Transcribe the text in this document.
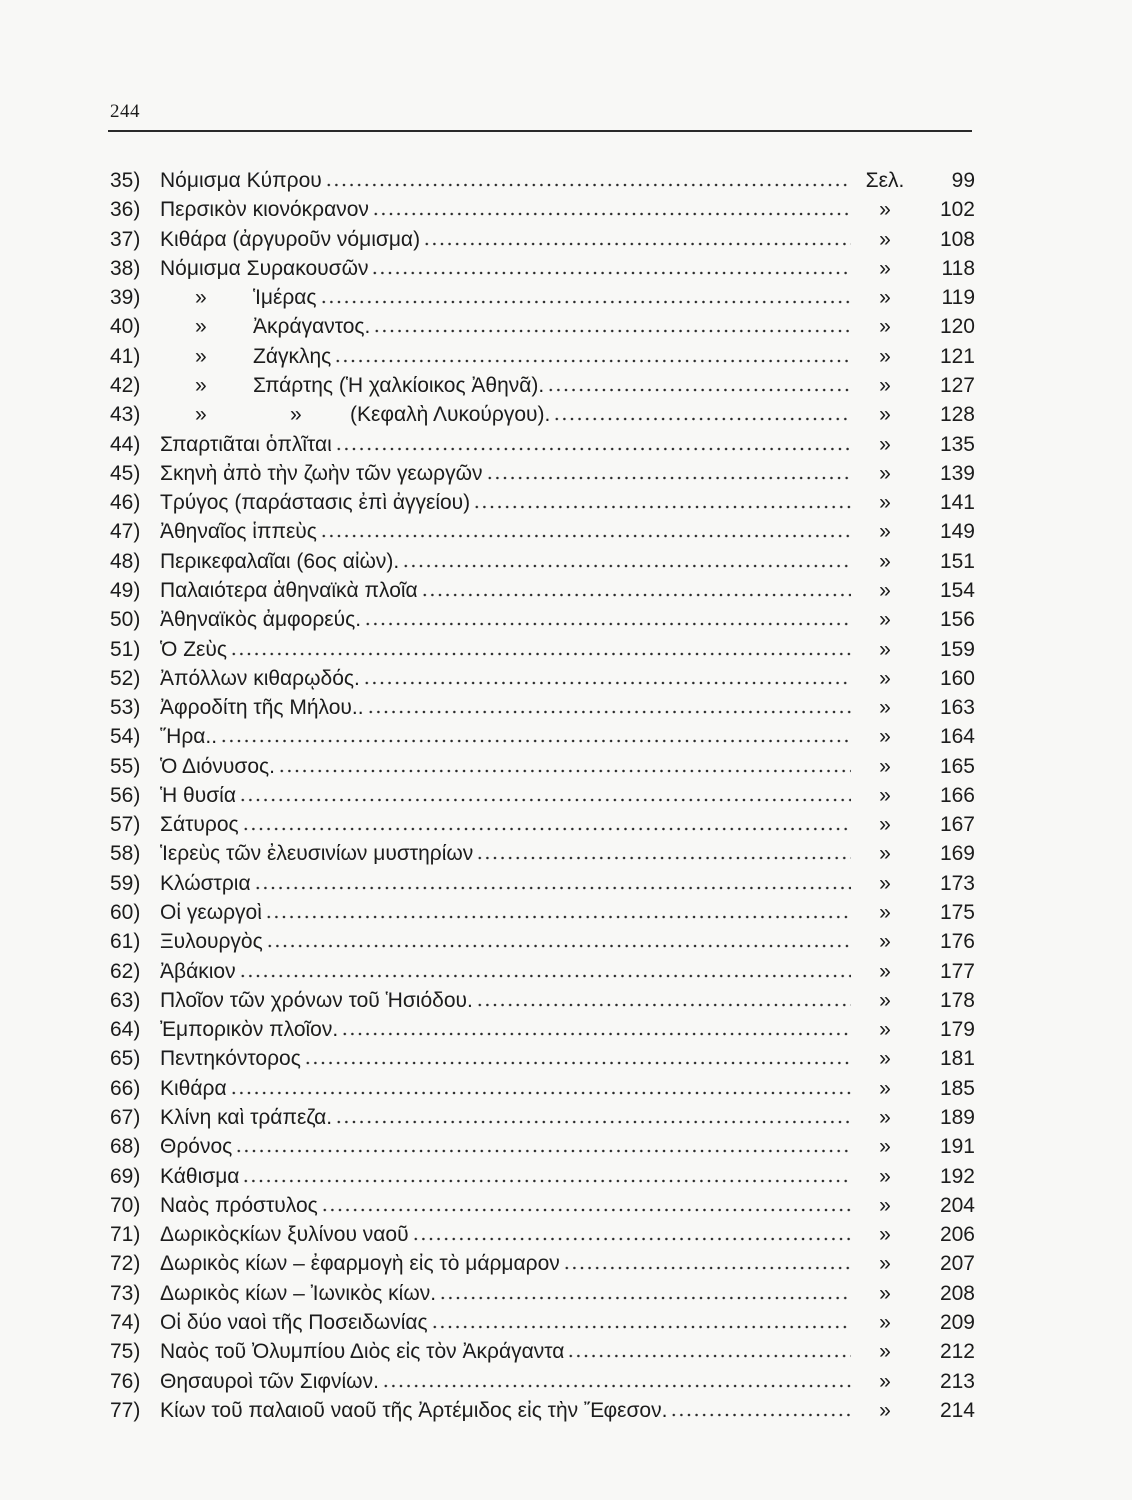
244
35) Νόμισμα Κύπρου	Σελ.	99
36) Περσικὸν κιονόκρανον	»	102
37) Κιθάρα (ἀργυροῦν νόμισμα)	»	108
38) Νόμισμα Συρακουσῶν	»	118
39)	»	Ἱμέρας	»	119
40)	»	Ἀκράγαντος.	»	120
41)	»	Ζάγκλης	»	121
42)	»	Σπάρτης (Ἡ χαλκίοικος Ἀθηνᾶ).	»	127
43)	»	»	(Κεφαλὴ Λυκούργου).	»	128
44) Σπαρτιᾶται ὁπλῖται	»	135
45) Σκηνὴ ἀπὸ τὴν ζωὴν τῶν γεωργῶν	»	139
46) Τρύγος (παράστασις ἐπὶ ἀγγείου)	»	141
47) Ἀθηναῖος ἱππεὺς	»	149
48) Περικεφαλαῖαι (6ος αἰὼν).	»	151
49) Παλαιότερα ἀθηναϊκὰ πλοῖα	»	154
50) Ἀθηναϊκὸς ἀμφορεύς.	»	156
51) Ὁ Ζεὺς	»	159
52) Ἀπόλλων κιθαρῳδός.	»	160
53) Ἀφροδίτη τῆς Μήλου..	»	163
54) Ἥρα..	»	164
55) Ὁ Διόνυσος.	»	165
56) Ἡ θυσία	»	166
57) Σάτυρος	»	167
58) Ἱερεὺς τῶν ἐλευσινίων μυστηρίων	»	169
59) Κλώστρια	»	173
60) Οἱ γεωργοὶ	»	175
61) Ξυλουργὸς	»	176
62) Ἀβάκιον	»	177
63) Πλοῖον τῶν χρόνων τοῦ Ἡσιόδου.	»	178
64) Ἐμπορικὸν πλοῖον.	»	179
65) Πεντηκόντορος	»	181
66) Κιθάρα	»	185
67) Κλίνη καὶ τράπεζα.	»	189
68) Θρόνος	»	191
69) Κάθισμα	»	192
70) Ναὸς πρόστυλος	»	204
71) Δωρικὸςκίων ξυλίνου ναοῦ	»	206
72) Δωρικὸς κίων – ἐφαρμογὴ εἰς τὸ μάρμαρον	»	207
73) Δωρικὸς κίων – Ἰωνικὸς κίων.	»	208
74) Οἱ δύο ναοὶ τῆς Ποσειδωνίας	»	209
75) Ναὸς τοῦ Ὀλυμπίου Διὸς εἰς τὸν Ἀκράγαντα	»	212
76) Θησαυροὶ τῶν Σιφνίων.	»	213
77) Κίων τοῦ παλαιοῦ ναοῦ τῆς Ἀρτέμιδος εἰς τὴν Ἔφεσον.	»	214
